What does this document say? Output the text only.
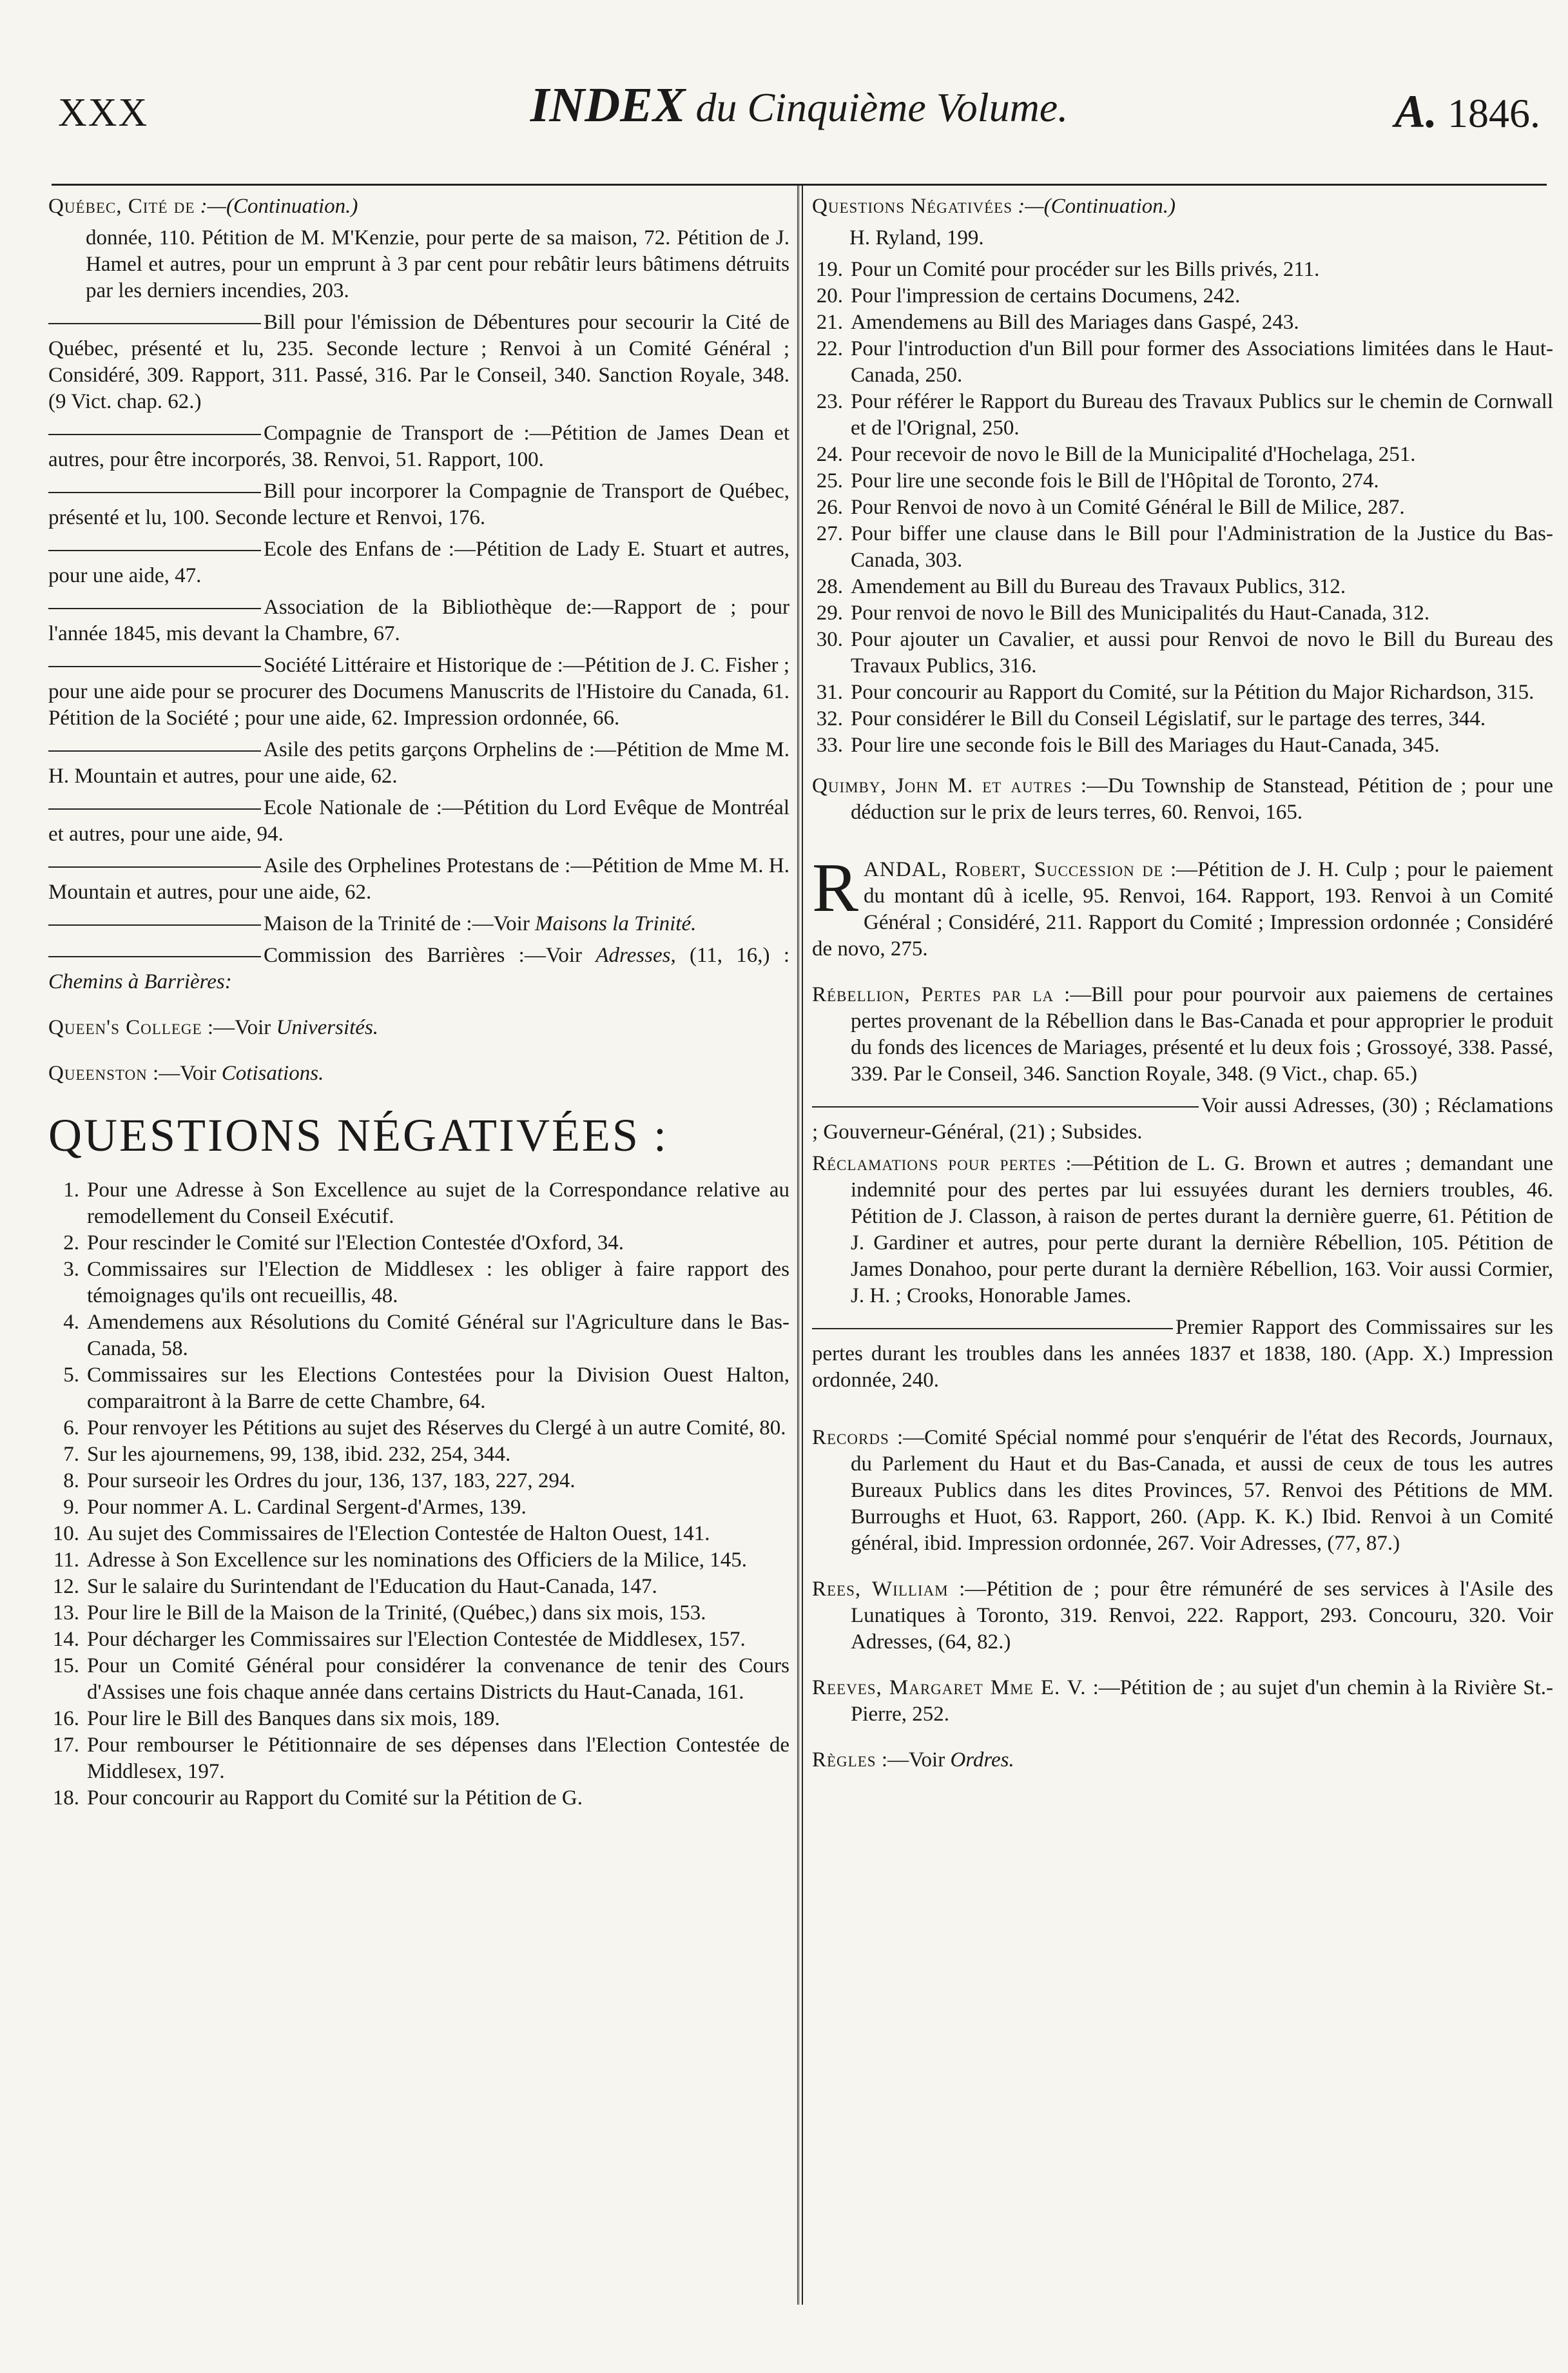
XXX	INDEX du Cinquième Volume.	A. 1846.
Québec, Cité de :—(Continuation.)
donnée, 110. Pétition de M. M'Kenzie, pour perte de sa maison, 72. Pétition de J. Hamel et autres, pour un emprunt à 3 par cent pour rebâtir leurs bâtimens détruits par les derniers incendies, 203.
Bill pour l'émission de Débentures pour secourir la Cité de Québec, présenté et lu, 235. Seconde lecture ; Renvoi à un Comité Général ; Considéré, 309. Rapport, 311. Passé, 316. Par le Conseil, 340. Sanction Royale, 348. (9 Vict. chap. 62.)
Compagnie de Transport de :—Pétition de James Dean et autres, pour être incorporés, 38. Renvoi, 51. Rapport, 100.
Bill pour incorporer la Compagnie de Transport de Québec, présenté et lu, 100. Seconde lecture et Renvoi, 176.
Ecole des Enfans de :—Pétition de Lady E. Stuart et autres, pour une aide, 47.
Association de la Bibliothèque de:—Rapport de ; pour l'année 1845, mis devant la Chambre, 67.
Société Littéraire et Historique de :—Pétition de J. C. Fisher ; pour une aide pour se procurer des Documens Manuscrits de l'Histoire du Canada, 61. Pétition de la Société ; pour une aide, 62. Impression ordonnée, 66.
Asile des petits garçons Orphelins de :—Pétition de Mme M. H. Mountain et autres, pour une aide, 62.
Ecole Nationale de :—Pétition du Lord Evêque de Montréal et autres, pour une aide, 94.
Asile des Orphelines Protestans de :—Pétition de Mme M. H. Mountain et autres, pour une aide, 62.
Maison de la Trinité de :—Voir Maisons la Trinité.
Commission des Barrières :—Voir Adresses, (11, 16,) : Chemins à Barrières:
Queen's College :—Voir Universités.
Queenston :—Voir Cotisations.
QUESTIONS NÉGATIVÉES :
1. Pour une Adresse à Son Excellence au sujet de la Correspondance relative au remodellement du Conseil Exécutif.
2. Pour rescinder le Comité sur l'Election Contestée d'Oxford, 34.
3. Commissaires sur l'Election de Middlesex : les obliger à faire rapport des témoignages qu'ils ont recueillis, 48.
4. Amendemens aux Résolutions du Comité Général sur l'Agriculture dans le Bas-Canada, 58.
5. Commissaires sur les Elections Contestées pour la Division Ouest Halton, comparaitront à la Barre de cette Chambre, 64.
6. Pour renvoyer les Pétitions au sujet des Réserves du Clergé à un autre Comité, 80.
7. Sur les ajournemens, 99, 138, ibid. 232, 254, 344.
8. Pour surseoir les Ordres du jour, 136, 137, 183, 227, 294.
9. Pour nommer A. L. Cardinal Sergent-d'Armes, 139.
10. Au sujet des Commissaires de l'Election Contestée de Halton Ouest, 141.
11. Adresse à Son Excellence sur les nominations des Officiers de la Milice, 145.
12. Sur le salaire du Surintendant de l'Education du Haut-Canada, 147.
13. Pour lire le Bill de la Maison de la Trinité, (Québec,) dans six mois, 153.
14. Pour décharger les Commissaires sur l'Election Contestée de Middlesex, 157.
15. Pour un Comité Général pour considérer la convenance de tenir des Cours d'Assises une fois chaque année dans certains Districts du Haut-Canada, 161.
16. Pour lire le Bill des Banques dans six mois, 189.
17. Pour rembourser le Pétitionnaire de ses dépenses dans l'Election Contestée de Middlesex, 197.
18. Pour concourir au Rapport du Comité sur la Pétition de G.
Questions Négativées :—(Continuation.)
H. Ryland, 199.
19. Pour un Comité pour procéder sur les Bills privés, 211.
20. Pour l'impression de certains Documens, 242.
21. Amendemens au Bill des Mariages dans Gaspé, 243.
22. Pour l'introduction d'un Bill pour former des Associations limitées dans le Haut-Canada, 250.
23. Pour référer le Rapport du Bureau des Travaux Publics sur le chemin de Cornwall et de l'Orignal, 250.
24. Pour recevoir de novo le Bill de la Municipalité d'Hochelaga, 251.
25. Pour lire une seconde fois le Bill de l'Hôpital de Toronto, 274.
26. Pour Renvoi de novo à un Comité Général le Bill de Milice, 287.
27. Pour biffer une clause dans le Bill pour l'Administration de la Justice du Bas-Canada, 303.
28. Amendement au Bill du Bureau des Travaux Publics, 312.
29. Pour renvoi de novo le Bill des Municipalités du Haut-Canada, 312.
30. Pour ajouter un Cavalier, et aussi pour Renvoi de novo le Bill du Bureau des Travaux Publics, 316.
31. Pour concourir au Rapport du Comité, sur la Pétition du Major Richardson, 315.
32. Pour considérer le Bill du Conseil Législatif, sur le partage des terres, 344.
33. Pour lire une seconde fois le Bill des Mariages du Haut-Canada, 345.
Quimby, John M. et autres :—Du Township de Stanstead, Pétition de ; pour une déduction sur le prix de leurs terres, 60. Renvoi, 165.
RANDAL, Robert, Succession de :—Pétition de J. H. Culp ; pour le paiement du montant dû à icelle, 95. Renvoi, 164. Rapport, 193. Renvoi à un Comité Général ; Considéré, 211. Rapport du Comité ; Impression ordonnée ; Considéré de novo, 275.
Rébellion, Pertes par la :—Bill pour pour pourvoir aux paiemens de certaines pertes provenant de la Rébellion dans le Bas-Canada et pour approprier le produit du fonds des licences de Mariages, présenté et lu deux fois ; Grossoyé, 338. Passé, 339. Par le Conseil, 346. Sanction Royale, 348. (9 Vict., chap. 65.)
Voir aussi Adresses, (30) ; Réclamations ; Gouverneur-Général, (21) ; Subsides.
Réclamations pour pertes :—Pétition de L. G. Brown et autres ; demandant une indemnité pour des pertes par lui essuyées durant les derniers troubles, 46. Pétition de J. Classon, à raison de pertes durant la dernière guerre, 61. Pétition de J. Gardiner et autres, pour perte durant la dernière Rébellion, 105. Pétition de James Donahoo, pour perte durant la dernière Rébellion, 163. Voir aussi Cormier, J. H. ; Crooks, Honorable James.
Premier Rapport des Commissaires sur les pertes durant les troubles dans les années 1837 et 1838, 180. (App. X.) Impression ordonnée, 240.
Records :—Comité Spécial nommé pour s'enquérir de l'état des Records, Journaux, du Parlement du Haut et du Bas-Canada, et aussi de ceux de tous les autres Bureaux Publics dans les dites Provinces, 57. Renvoi des Pétitions de MM. Burroughs et Huot, 63. Rapport, 260. (App. K. K.) Ibid. Renvoi à un Comité général, ibid. Impression ordonnée, 267. Voir Adresses, (77, 87.)
Rees, William :—Pétition de ; pour être rémunéré de ses services à l'Asile des Lunatiques à Toronto, 319. Renvoi, 222. Rapport, 293. Concouru, 320. Voir Adresses, (64, 82.)
Reeves, Margaret Mme E. V. :—Pétition de ; au sujet d'un chemin à la Rivière St.-Pierre, 252.
Règles :—Voir Ordres.
